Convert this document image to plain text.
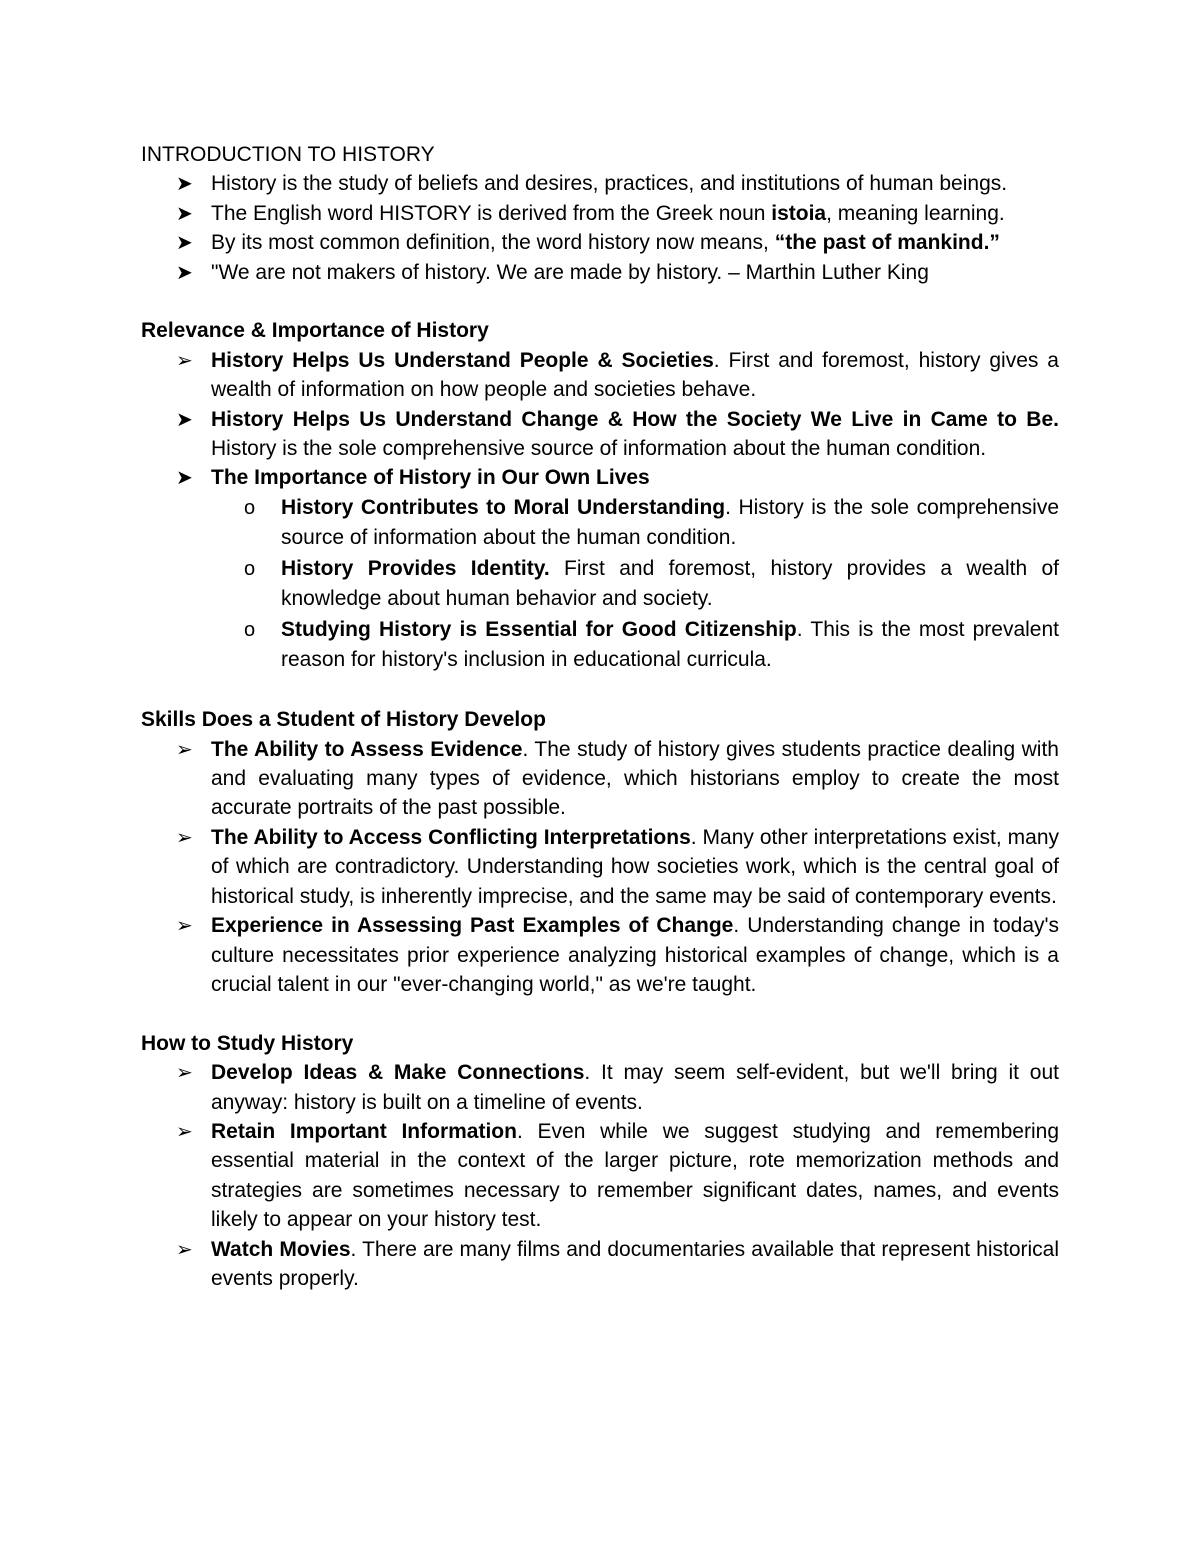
INTRODUCTION TO HISTORY
➤ History is the study of beliefs and desires, practices, and institutions of human beings.
➤ The English word HISTORY is derived from the Greek noun istoia, meaning learning.
➤ By its most common definition, the word history now means, “the past of mankind.”
➤ "We are not makers of history. We are made by history. – Marthin Luther King
Relevance & Importance of History
➢ History Helps Us Understand People & Societies. First and foremost, history gives a wealth of information on how people and societies behave.
➤ History Helps Us Understand Change & How the Society We Live in Came to Be. History is the sole comprehensive source of information about the human condition.
➤ The Importance of History in Our Own Lives
o History Contributes to Moral Understanding. History is the sole comprehensive source of information about the human condition.
o History Provides Identity. First and foremost, history provides a wealth of knowledge about human behavior and society.
o Studying History is Essential for Good Citizenship. This is the most prevalent reason for history's inclusion in educational curricula.
Skills Does a Student of History Develop
➢ The Ability to Assess Evidence. The study of history gives students practice dealing with and evaluating many types of evidence, which historians employ to create the most accurate portraits of the past possible.
➢ The Ability to Access Conflicting Interpretations. Many other interpretations exist, many of which are contradictory. Understanding how societies work, which is the central goal of historical study, is inherently imprecise, and the same may be said of contemporary events.
➢ Experience in Assessing Past Examples of Change. Understanding change in today's culture necessitates prior experience analyzing historical examples of change, which is a crucial talent in our "ever-changing world," as we're taught.
How to Study History
➢ Develop Ideas & Make Connections. It may seem self-evident, but we'll bring it out anyway: history is built on a timeline of events.
➢ Retain Important Information. Even while we suggest studying and remembering essential material in the context of the larger picture, rote memorization methods and strategies are sometimes necessary to remember significant dates, names, and events likely to appear on your history test.
➢ Watch Movies. There are many films and documentaries available that represent historical events properly.
